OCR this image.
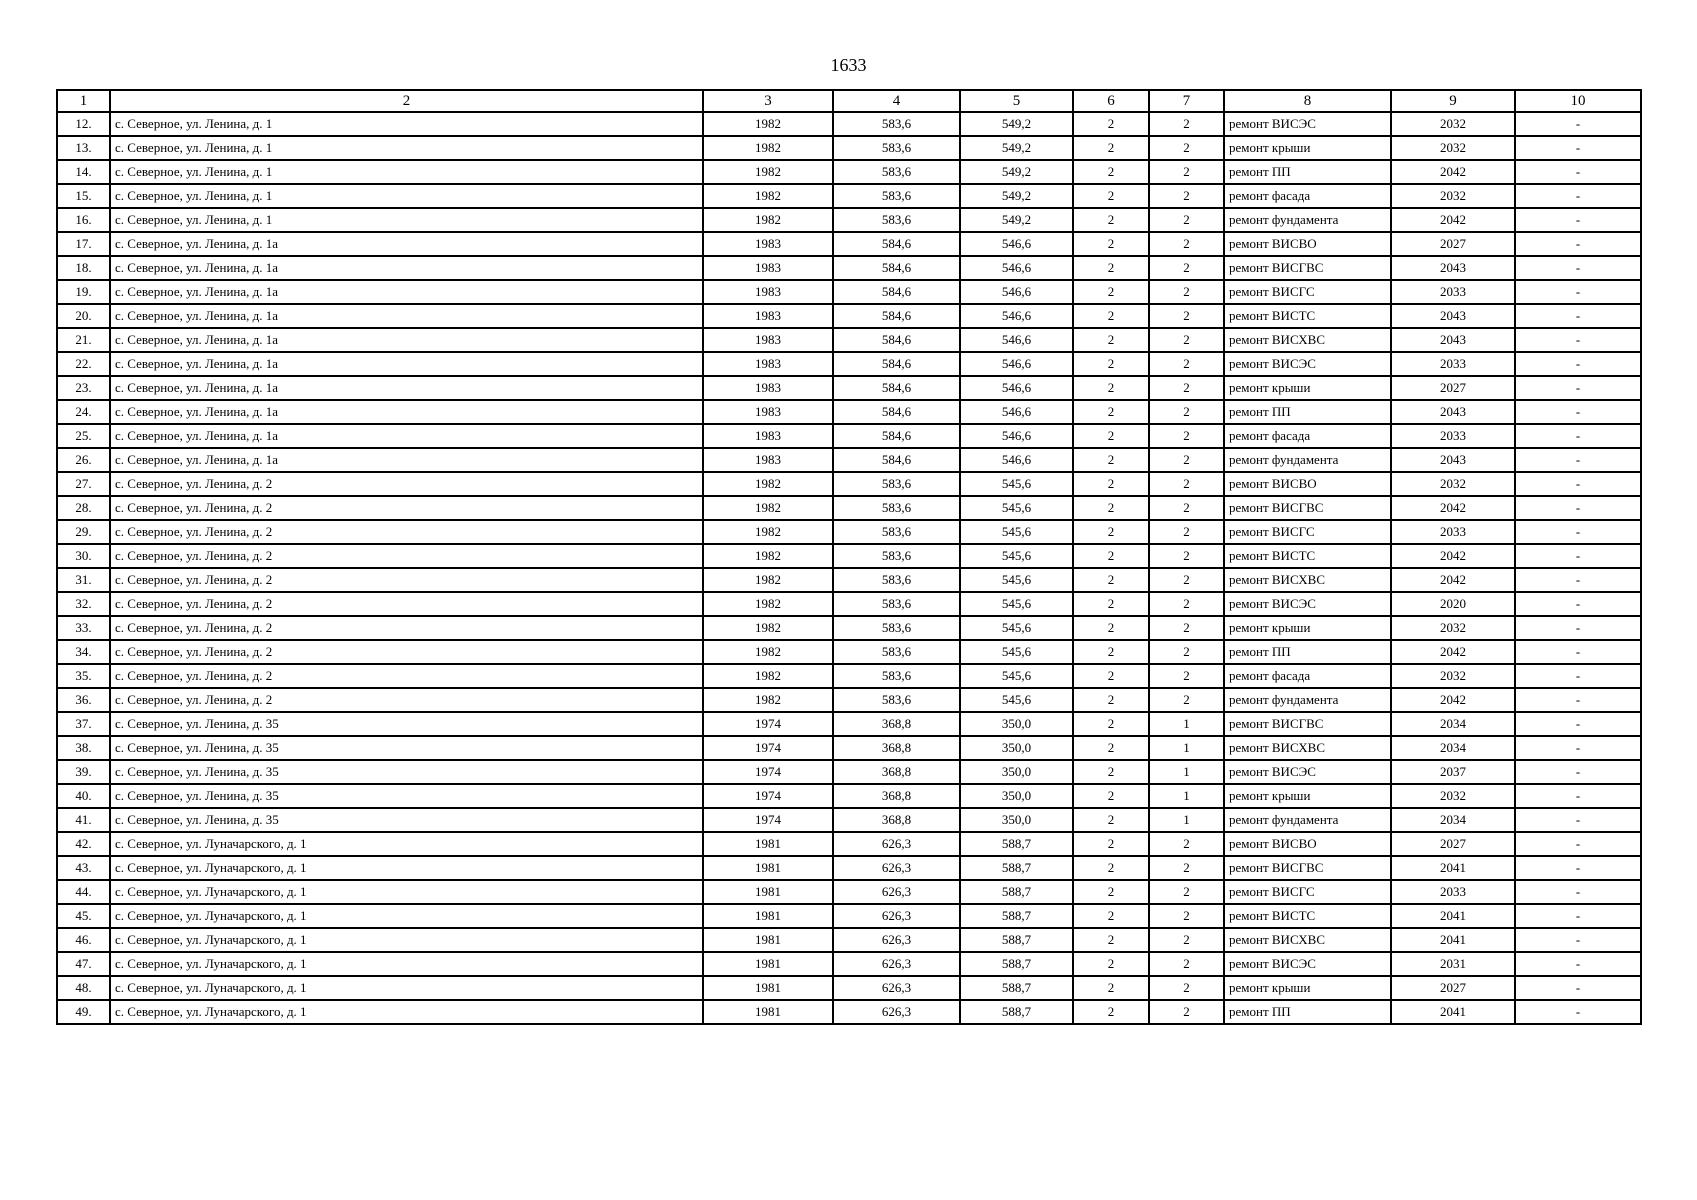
1633
1	2	3	4	5	6	7	8	9	10
12.	с. Северное, ул. Ленина, д. 1	1982	583,6	549,2	2	2	ремонт ВИСЭС	2032	-
13.	с. Северное, ул. Ленина, д. 1	1982	583,6	549,2	2	2	ремонт крыши	2032	-
14.	с. Северное, ул. Ленина, д. 1	1982	583,6	549,2	2	2	ремонт ПП	2042	-
15.	с. Северное, ул. Ленина, д. 1	1982	583,6	549,2	2	2	ремонт фасада	2032	-
16.	с. Северное, ул. Ленина, д. 1	1982	583,6	549,2	2	2	ремонт фундамента	2042	-
17.	с. Северное, ул. Ленина, д. 1а	1983	584,6	546,6	2	2	ремонт ВИСВО	2027	-
18.	с. Северное, ул. Ленина, д. 1а	1983	584,6	546,6	2	2	ремонт ВИСГВС	2043	-
19.	с. Северное, ул. Ленина, д. 1а	1983	584,6	546,6	2	2	ремонт ВИСГС	2033	-
20.	с. Северное, ул. Ленина, д. 1а	1983	584,6	546,6	2	2	ремонт ВИСТС	2043	-
21.	с. Северное, ул. Ленина, д. 1а	1983	584,6	546,6	2	2	ремонт ВИСХВС	2043	-
22.	с. Северное, ул. Ленина, д. 1а	1983	584,6	546,6	2	2	ремонт ВИСЭС	2033	-
23.	с. Северное, ул. Ленина, д. 1а	1983	584,6	546,6	2	2	ремонт крыши	2027	-
24.	с. Северное, ул. Ленина, д. 1а	1983	584,6	546,6	2	2	ремонт ПП	2043	-
25.	с. Северное, ул. Ленина, д. 1а	1983	584,6	546,6	2	2	ремонт фасада	2033	-
26.	с. Северное, ул. Ленина, д. 1а	1983	584,6	546,6	2	2	ремонт фундамента	2043	-
27.	с. Северное, ул. Ленина, д. 2	1982	583,6	545,6	2	2	ремонт ВИСВО	2032	-
28.	с. Северное, ул. Ленина, д. 2	1982	583,6	545,6	2	2	ремонт ВИСГВС	2042	-
29.	с. Северное, ул. Ленина, д. 2	1982	583,6	545,6	2	2	ремонт ВИСГС	2033	-
30.	с. Северное, ул. Ленина, д. 2	1982	583,6	545,6	2	2	ремонт ВИСТС	2042	-
31.	с. Северное, ул. Ленина, д. 2	1982	583,6	545,6	2	2	ремонт ВИСХВС	2042	-
32.	с. Северное, ул. Ленина, д. 2	1982	583,6	545,6	2	2	ремонт ВИСЭС	2020	-
33.	с. Северное, ул. Ленина, д. 2	1982	583,6	545,6	2	2	ремонт крыши	2032	-
34.	с. Северное, ул. Ленина, д. 2	1982	583,6	545,6	2	2	ремонт ПП	2042	-
35.	с. Северное, ул. Ленина, д. 2	1982	583,6	545,6	2	2	ремонт фасада	2032	-
36.	с. Северное, ул. Ленина, д. 2	1982	583,6	545,6	2	2	ремонт фундамента	2042	-
37.	с. Северное, ул. Ленина, д. 35	1974	368,8	350,0	2	1	ремонт ВИСГВС	2034	-
38.	с. Северное, ул. Ленина, д. 35	1974	368,8	350,0	2	1	ремонт ВИСХВС	2034	-
39.	с. Северное, ул. Ленина, д. 35	1974	368,8	350,0	2	1	ремонт ВИСЭС	2037	-
40.	с. Северное, ул. Ленина, д. 35	1974	368,8	350,0	2	1	ремонт крыши	2032	-
41.	с. Северное, ул. Ленина, д. 35	1974	368,8	350,0	2	1	ремонт фундамента	2034	-
42.	с. Северное, ул. Луначарского, д. 1	1981	626,3	588,7	2	2	ремонт ВИСВО	2027	-
43.	с. Северное, ул. Луначарского, д. 1	1981	626,3	588,7	2	2	ремонт ВИСГВС	2041	-
44.	с. Северное, ул. Луначарского, д. 1	1981	626,3	588,7	2	2	ремонт ВИСГС	2033	-
45.	с. Северное, ул. Луначарского, д. 1	1981	626,3	588,7	2	2	ремонт ВИСТС	2041	-
46.	с. Северное, ул. Луначарского, д. 1	1981	626,3	588,7	2	2	ремонт ВИСХВС	2041	-
47.	с. Северное, ул. Луначарского, д. 1	1981	626,3	588,7	2	2	ремонт ВИСЭС	2031	-
48.	с. Северное, ул. Луначарского, д. 1	1981	626,3	588,7	2	2	ремонт крыши	2027	-
49.	с. Северное, ул. Луначарского, д. 1	1981	626,3	588,7	2	2	ремонт ПП	2041	-
